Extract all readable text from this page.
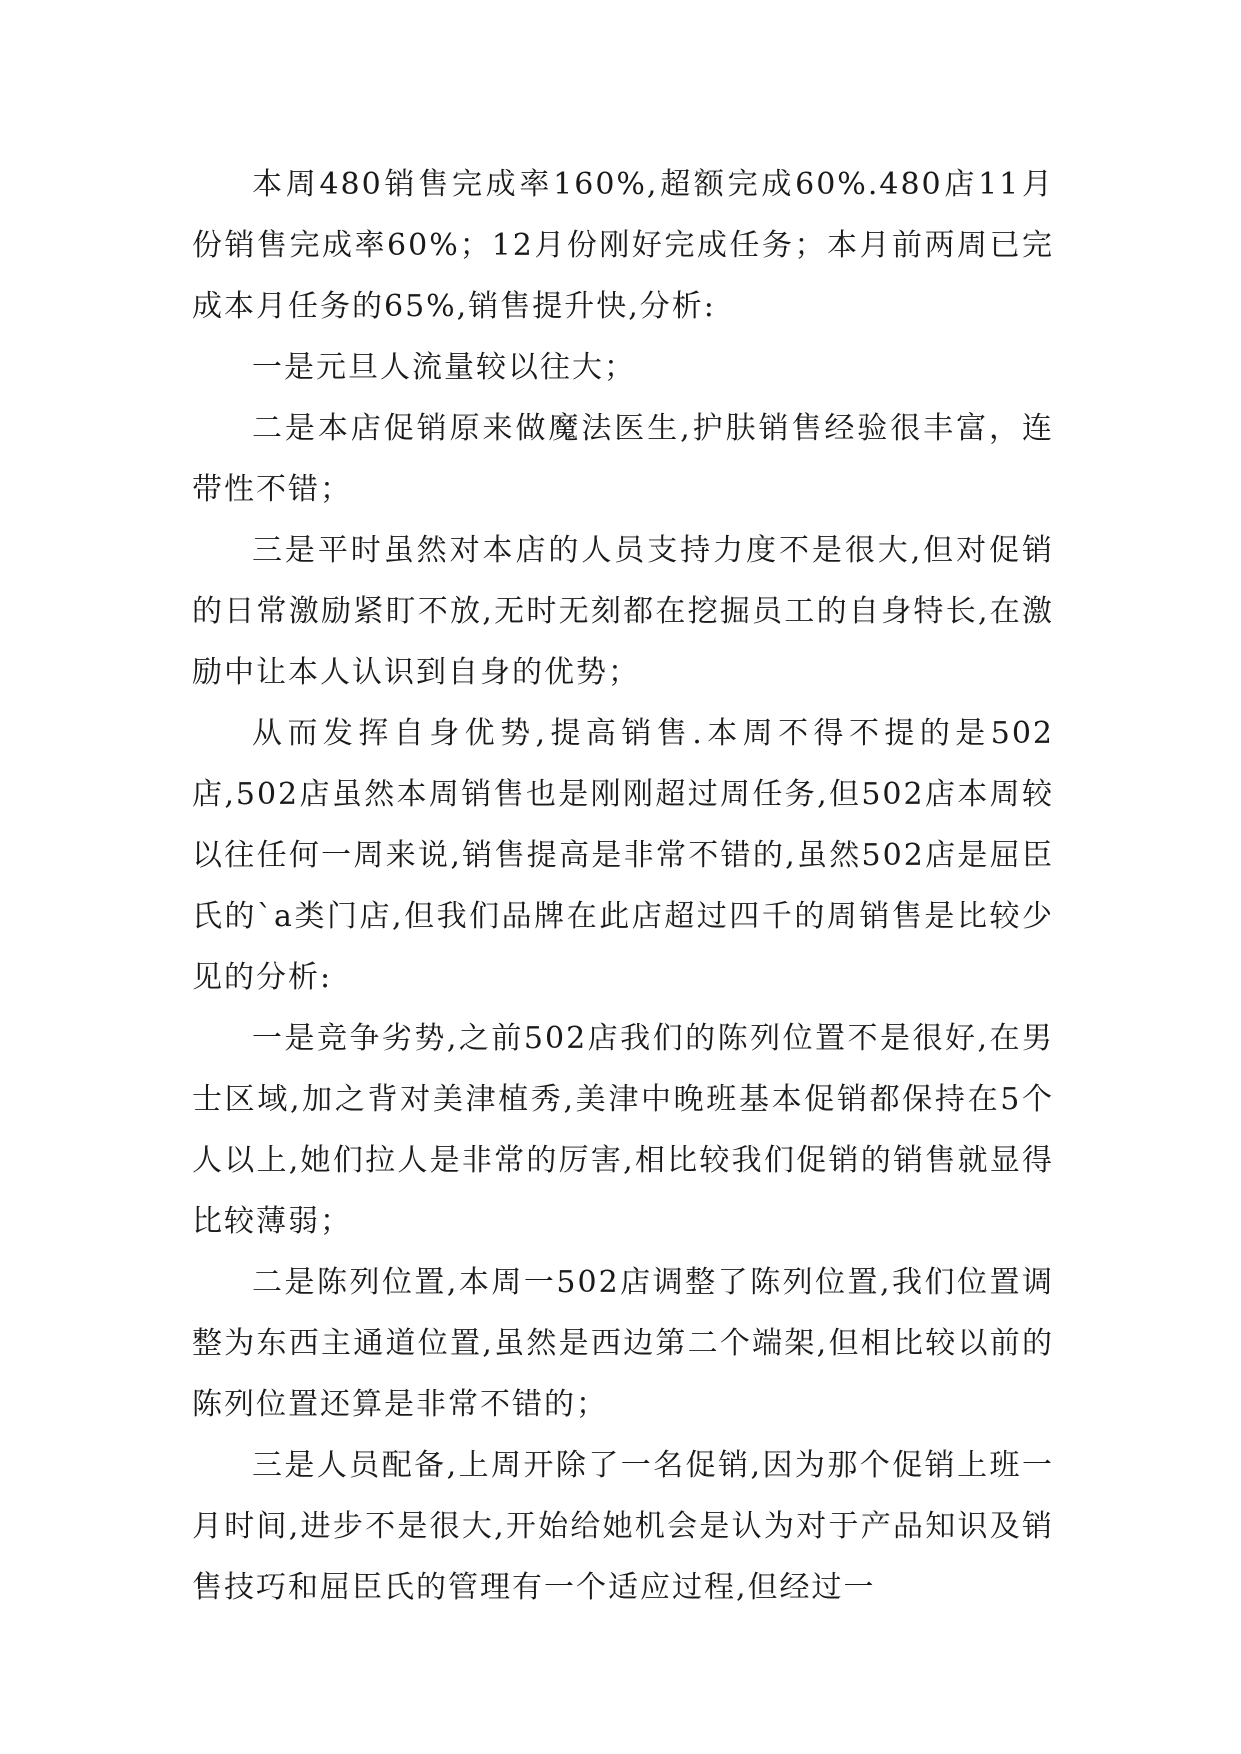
本周480销售完成率160%,超额完成60%.480店11月份销售完成率60%；12月份刚好完成任务；本月前两周已完成本月任务的65%,销售提升快,分析:

一是元旦人流量较以往大；

二是本店促销原来做魔法医生,护肤销售经验很丰富，连带性不错；

三是平时虽然对本店的人员支持力度不是很大,但对促销的日常激励紧盯不放,无时无刻都在挖掘员工的自身特长,在激励中让本人认识到自身的优势；

从而发挥自身优势,提高销售.本周不得不提的是502店,502店虽然本周销售也是刚刚超过周任务,但502店本周较以往任何一周来说,销售提高是非常不错的,虽然502店是屈臣氏的`a类门店,但我们品牌在此店超过四千的周销售是比较少见的分析:

一是竞争劣势,之前502店我们的陈列位置不是很好,在男士区域,加之背对美津植秀,美津中晚班基本促销都保持在5个人以上,她们拉人是非常的厉害,相比较我们促销的销售就显得比较薄弱；

二是陈列位置,本周一502店调整了陈列位置,我们位置调整为东西主通道位置,虽然是西边第二个端架,但相比较以前的陈列位置还算是非常不错的；

三是人员配备,上周开除了一名促销,因为那个促销上班一月时间,进步不是很大,开始给她机会是认为对于产品知识及销售技巧和屈臣氏的管理有一个适应过程,但经过一
